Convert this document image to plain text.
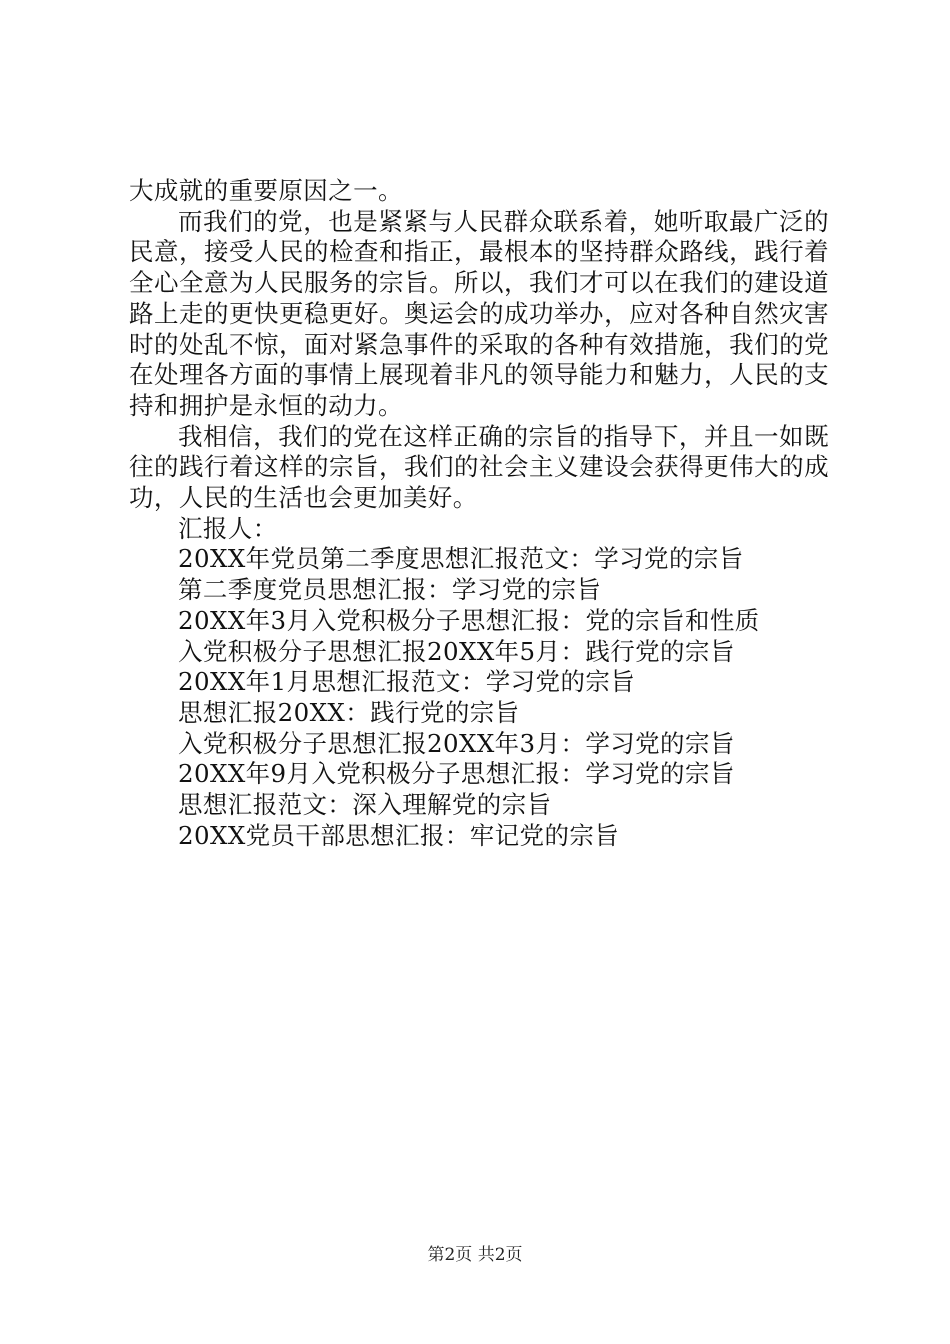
大成就的重要原因之一。

而我们的党，也是紧紧与人民群众联系着，她听取最广泛的民意，接受人民的检查和指正，最根本的坚持群众路线，践行着全心全意为人民服务的宗旨。所以，我们才可以在我们的建设道路上走的更快更稳更好。奥运会的成功举办，应对各种自然灾害时的处乱不惊，面对紧急事件的采取的各种有效措施，我们的党在处理各方面的事情上展现着非凡的领导能力和魅力，人民的支持和拥护是永恒的动力。

我相信，我们的党在这样正确的宗旨的指导下，并且一如既往的践行着这样的宗旨，我们的社会主义建设会获得更伟大的成功，人民的生活也会更加美好。

汇报人：

20XX年党员第二季度思想汇报范文：学习党的宗旨

第二季度党员思想汇报：学习党的宗旨

20XX年3月入党积极分子思想汇报：党的宗旨和性质

入党积极分子思想汇报20XX年5月：践行党的宗旨

20XX年1月思想汇报范文：学习党的宗旨

思想汇报20XX：践行党的宗旨

入党积极分子思想汇报20XX年3月：学习党的宗旨

20XX年9月入党积极分子思想汇报：学习党的宗旨

思想汇报范文：深入理解党的宗旨

20XX党员干部思想汇报：牢记党的宗旨

第2页 共2页
